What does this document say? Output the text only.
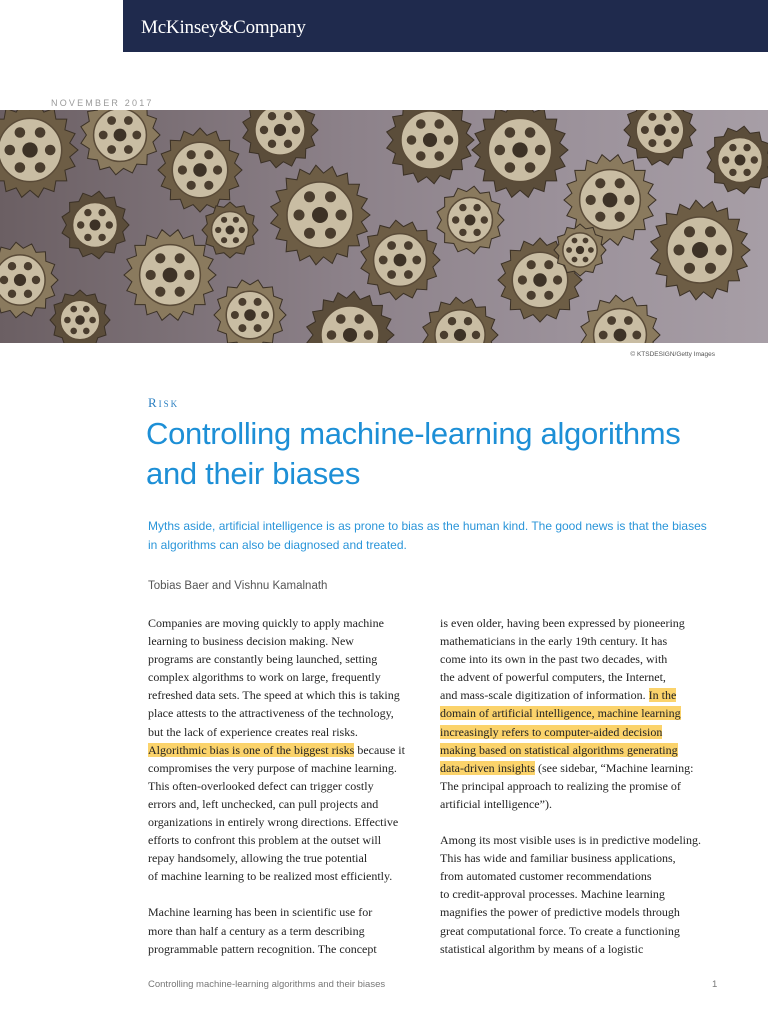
McKinsey&Company
NOVEMBER 2017
© KTSDESIGN/Getty Images
Risk
Controlling machine-learning algorithms and their biases

Myths aside, artificial intelligence is as prone to bias as the human kind. The good news is that the biases in algorithms can also be diagnosed and treated.

Tobias Baer and Vishnu Kamalnath

Companies are moving quickly to apply machine
learning to business decision making. New
programs are constantly being launched, setting
complex algorithms to work on large, frequently
refreshed data sets. The speed at which this is taking
place attests to the attractiveness of the technology,
but the lack of experience creates real risks.
Algorithmic bias is one of the biggest risks because it
compromises the very purpose of machine learning.
This often-overlooked defect can trigger costly
errors and, left unchecked, can pull projects and
organizations in entirely wrong directions. Effective
efforts to confront this problem at the outset will
repay handsomely, allowing the true potential
of machine learning to be realized most efficiently.

Machine learning has been in scientific use for
more than half a century as a term describing
programmable pattern recognition. The concept

is even older, having been expressed by pioneering
mathematicians in the early 19th century. It has
come into its own in the past two decades, with
the advent of powerful computers, the Internet,
and mass-scale digitization of information. In the
domain of artificial intelligence, machine learning
increasingly refers to computer-aided decision
making based on statistical algorithms generating
data-driven insights (see sidebar, “Machine learning:
The principal approach to realizing the promise of
artificial intelligence”).

Among its most visible uses is in predictive modeling.
This has wide and familiar business applications,
from automated customer recommendations
to credit-approval processes. Machine learning
magnifies the power of predictive models through
great computational force. To create a functioning
statistical algorithm by means of a logistic

Controlling machine-learning algorithms and their biases	1
